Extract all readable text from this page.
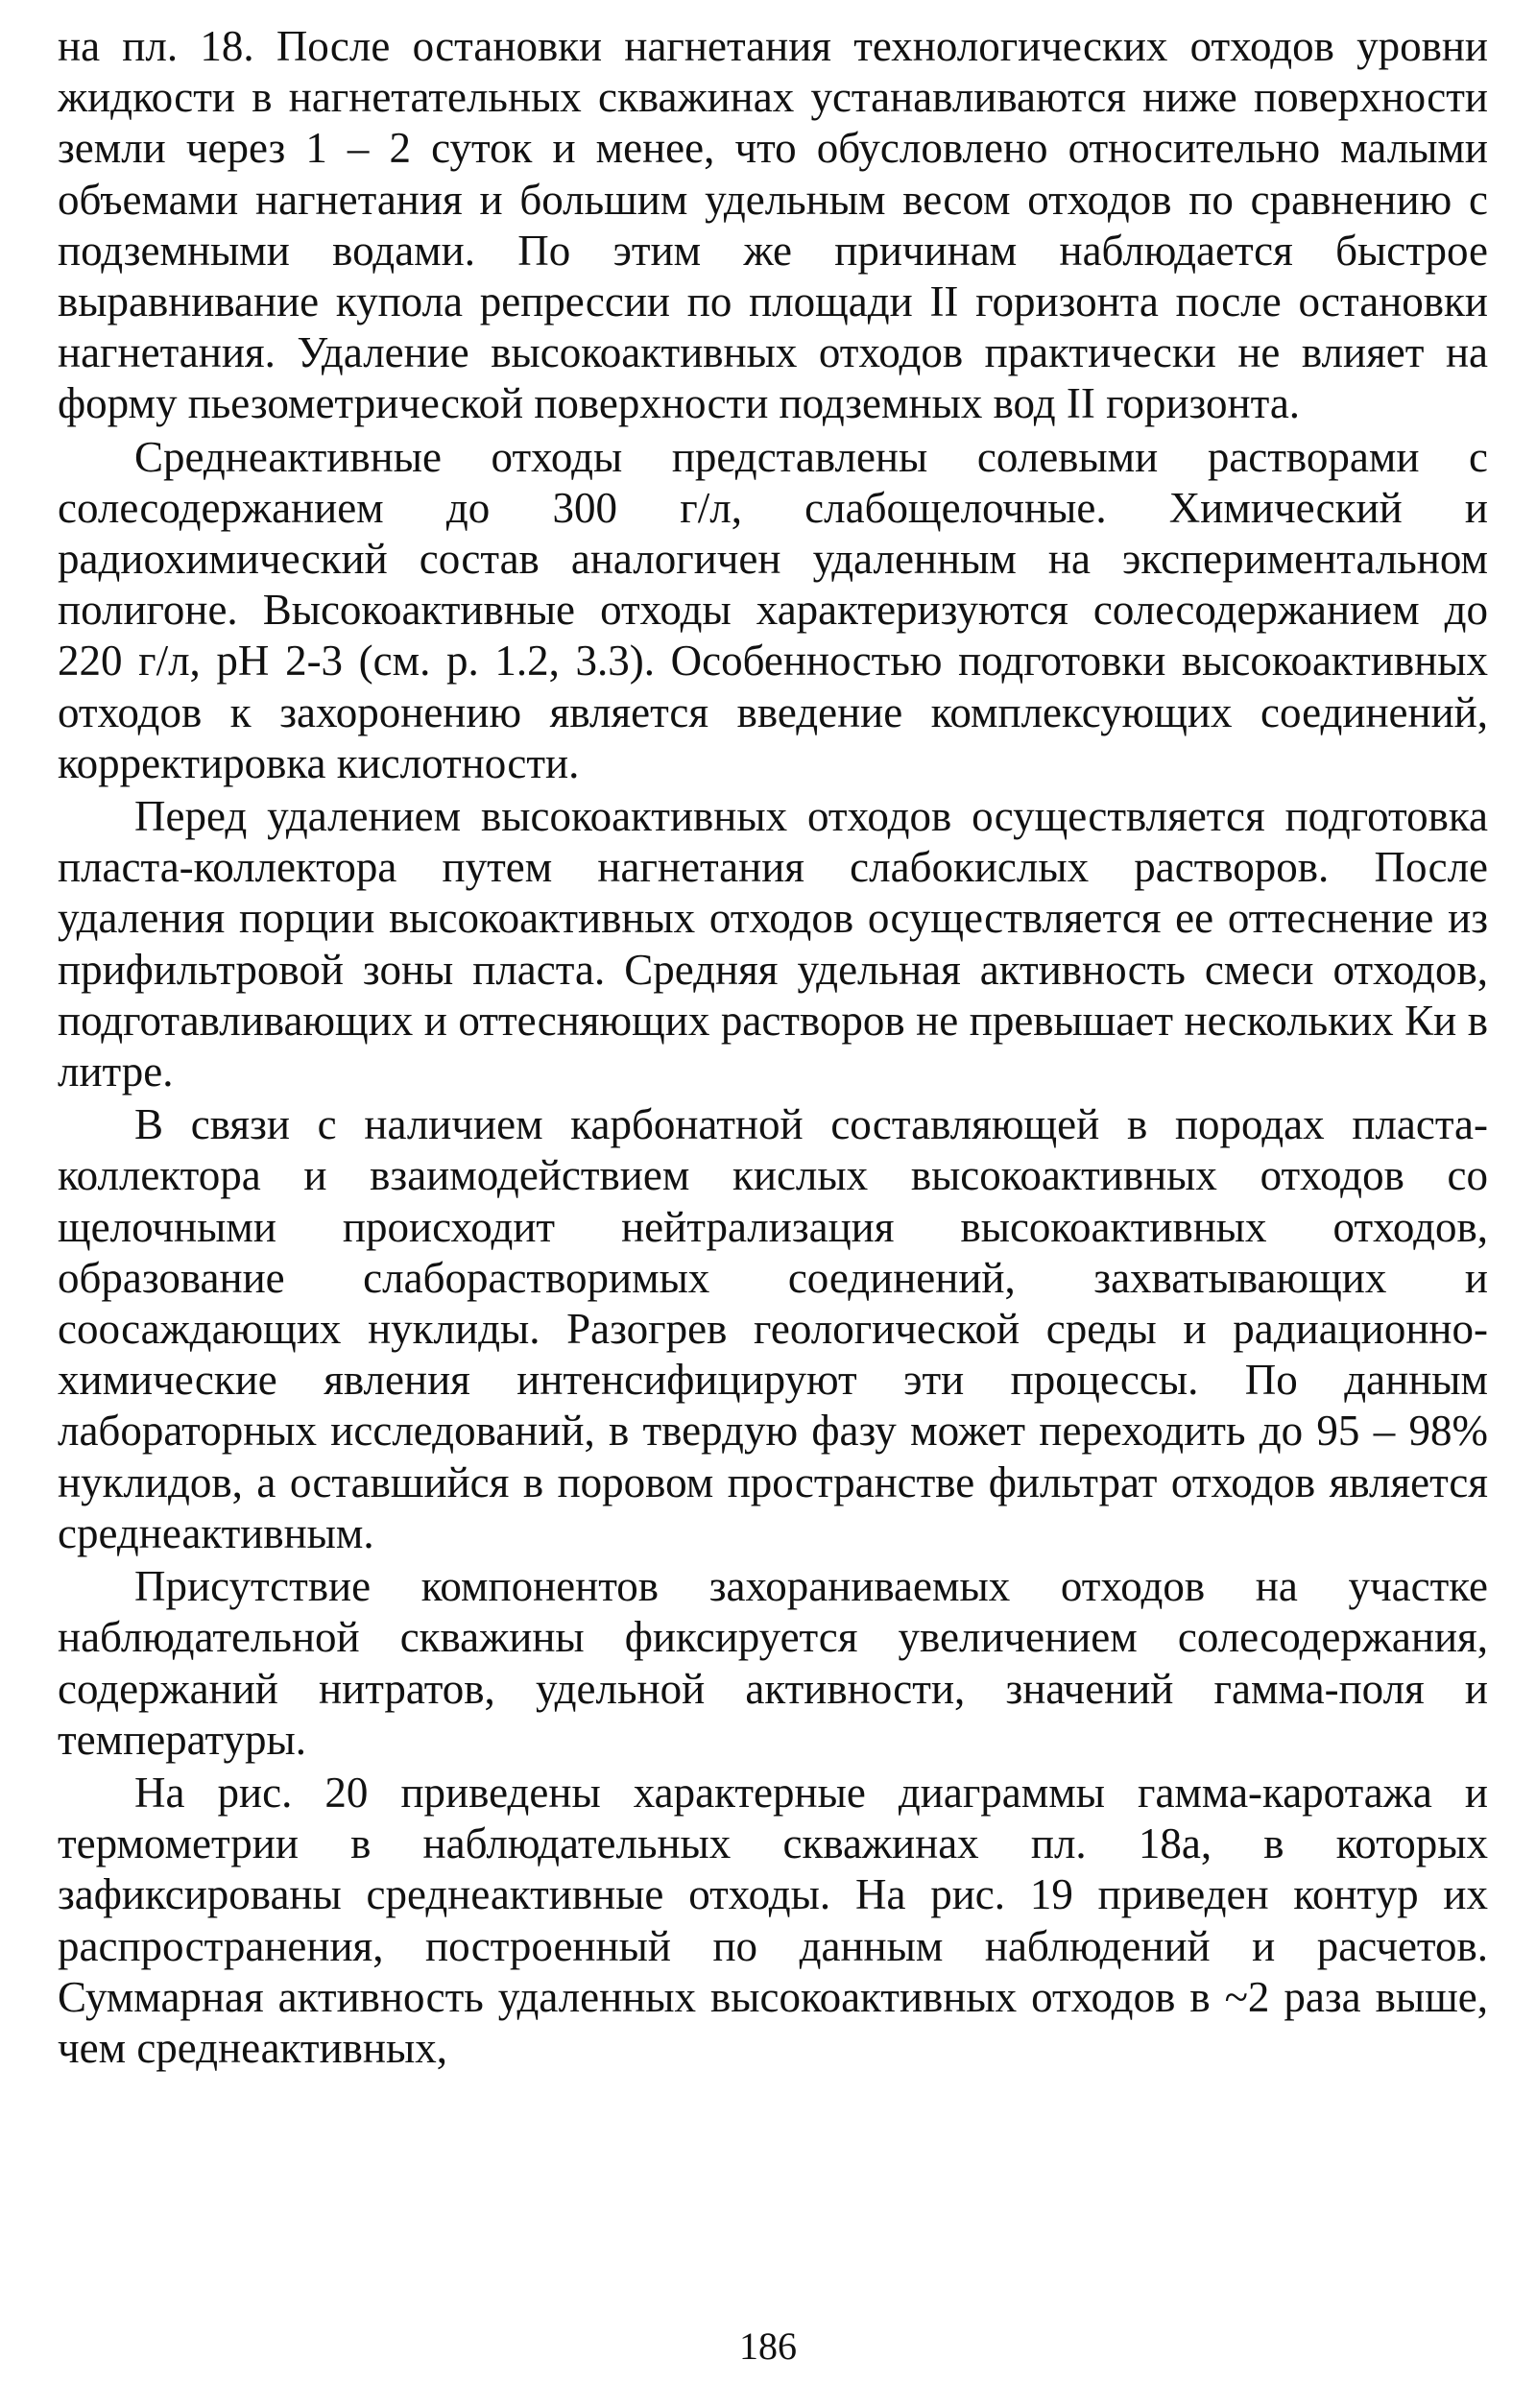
на пл. 18. После остановки нагнетания технологических отходов уровни жидкости в нагнетательных скважинах устанавливаются ниже поверхности земли через 1 – 2 суток и менее, что обусловлено относительно малыми объемами нагнетания и большим удельным весом отходов по сравнению с подземными водами. По этим же причинам наблюдается быстрое выравнивание купола репрессии по площади II горизонта после остановки нагнетания. Удаление высокоактивных отходов практически не влияет на форму пьезометрической поверхности подземных вод II горизонта.

Среднеактивные отходы представлены солевыми растворами с солесодержанием до 300 г/л, слабощелочные. Химический и радиохимический состав аналогичен удаленным на экспериментальном полигоне. Высокоактивные отходы характеризуются солесодержанием до 220 г/л, pH 2-3 (см. р. 1.2, 3.3). Особенностью подготовки высокоактивных отходов к захоронению является введение комплексующих соединений, корректировка кислотности.

Перед удалением высокоактивных отходов осуществляется подготовка пласта-коллектора путем нагнетания слабокислых растворов. После удаления порции высокоактивных отходов осуществляется ее оттеснение из прифильтровой зоны пласта. Средняя удельная активность смеси отходов, подготавливающих и оттесняющих растворов не превышает нескольких Ки в литре.

В связи с наличием карбонатной составляющей в породах пласта-коллектора и взаимодействием кислых высокоактивных отходов со щелочными происходит нейтрализация высокоактивных отходов, образование слаборастворимых соединений, захватывающих и соосаждающих нуклиды. Разогрев геологической среды и радиационно-химические явления интенсифицируют эти процессы. По данным лабораторных исследований, в твердую фазу может переходить до 95 – 98% нуклидов, а оставшийся в поровом пространстве фильтрат отходов является среднеактивным.

Присутствие компонентов захораниваемых отходов на участке наблюдательной скважины фиксируется увеличением солесодержания, содержаний нитратов, удельной активности, значений гамма-поля и температуры.

На рис. 20 приведены характерные диаграммы гамма-каротажа и термометрии в наблюдательных скважинах пл. 18а, в которых зафиксированы среднеактивные отходы. На рис. 19 приведен контур их распространения, построенный по данным наблюдений и расчетов. Суммарная активность удаленных высокоактивных отходов в ~2 раза выше, чем среднеактивных,

186
